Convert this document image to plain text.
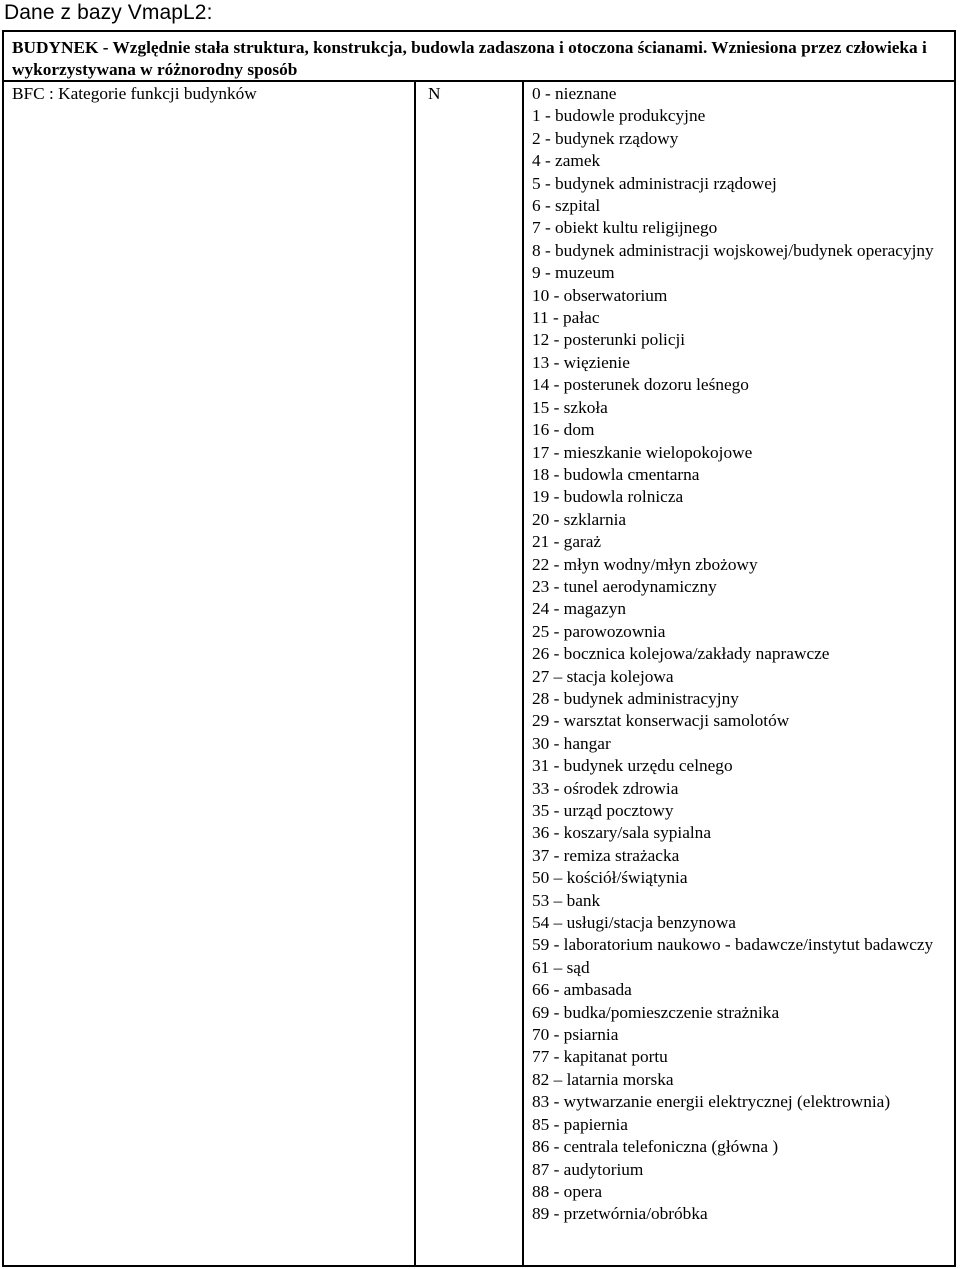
Dane z bazy VmapL2:
BUDYNEK - Względnie stała struktura, konstrukcja, budowla zadaszona i otoczona ścianami. Wzniesiona przez człowieka i wykorzystywana w różnorodny sposób
BFC : Kategorie funkcji budynków	N	0 - nieznane
1 - budowle produkcyjne
2 - budynek rządowy
4 - zamek
5 - budynek administracji rządowej
6 - szpital
7 - obiekt kultu religijnego
8 - budynek administracji wojskowej/budynek operacyjny
9 - muzeum
10 - obserwatorium
11 - pałac
12 - posterunki policji
13 - więzienie
14 - posterunek dozoru leśnego
15 - szkoła
16 - dom
17 - mieszkanie wielopokojowe
18 - budowla cmentarna
19 - budowla rolnicza
20 - szklarnia
21 - garaż
22 - młyn wodny/młyn zbożowy
23 - tunel aerodynamiczny
24 - magazyn
25 - parowozownia
26 - bocznica kolejowa/zakłady naprawcze
27 – stacja kolejowa
28 - budynek administracyjny
29 - warsztat konserwacji samolotów
30 - hangar
31 - budynek urzędu celnego
33 - ośrodek zdrowia
35 - urząd pocztowy
36 - koszary/sala sypialna
37 - remiza strażacka
50 – kościół/świątynia
53 – bank
54 – usługi/stacja benzynowa
59 - laboratorium naukowo - badawcze/instytut badawczy
61 – sąd
66 - ambasada
69 - budka/pomieszczenie strażnika
70 - psiarnia
77 - kapitanat portu
82 – latarnia morska
83 - wytwarzanie energii elektrycznej (elektrownia)
85 - papiernia
86 - centrala telefoniczna (główna )
87 - audytorium
88 - opera
89 - przetwórnia/obróbka
